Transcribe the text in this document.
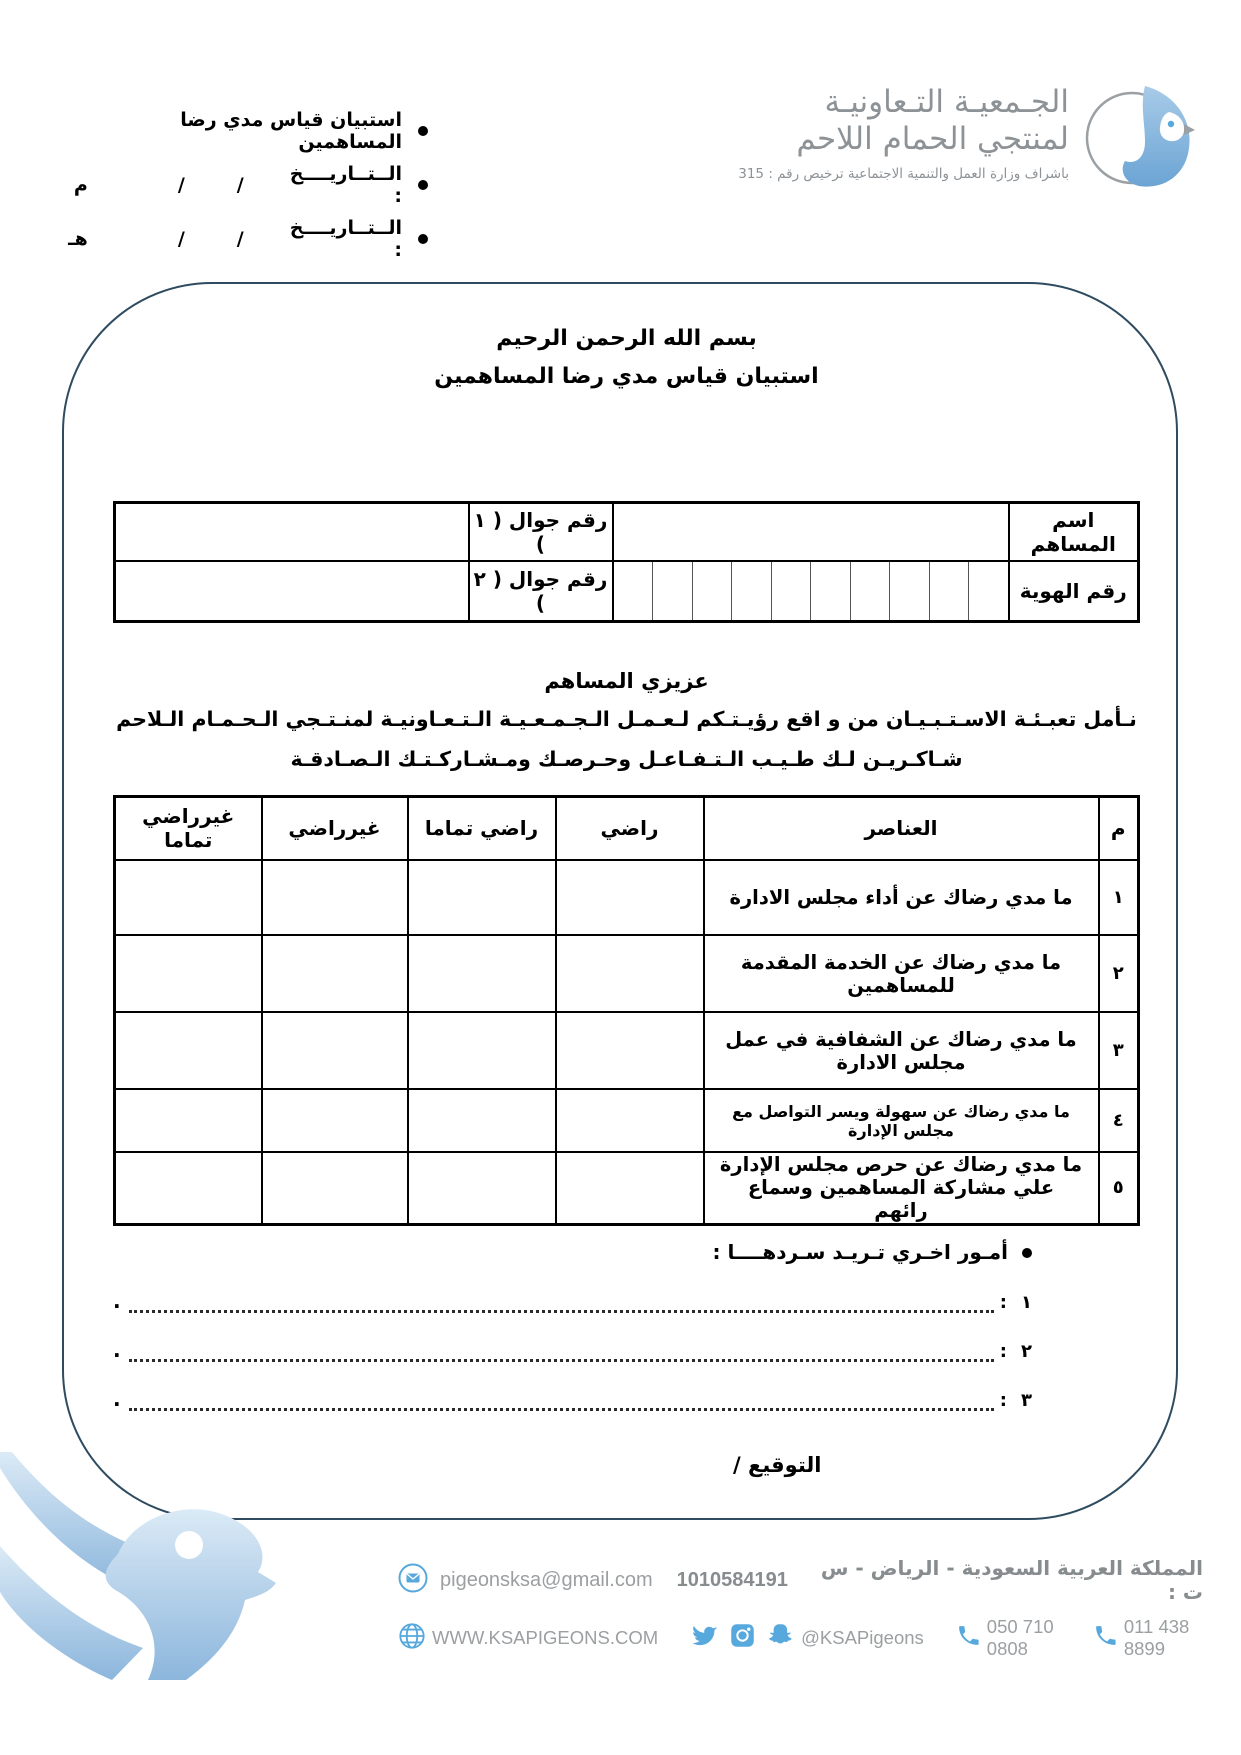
استبيان قياس مدي رضا المساهمين
الــتــاريــــخ :
/
/
م
الــتــاريــــخ :
/
/
هـ
الجـمعيـة التـعاونيـة
لمنتجي الحمام اللاحم
باشراف وزارة العمل والتنمية الاجتماعية ترخيص رقم : 315
بسم الله الرحمن الرحيم
استبيان قياس مدي رضا المساهمين
اسم المساهم		رقم جوال ( ١ )	
رقم الهوية		رقم جوال ( ٢ )	
عزيزي المساهم

نـأمل تعبـئـة الاسـتـبـيـان من و اقع رؤيـتـكم لـعـمـل الـجـمـعـيـة الـتـعـاونيـة لمنـتـجي الـحـمـام الـلاحم

شـاكـريـن لـك طـيـب الـتـفـاعـل وحـرصـك ومـشـاركـتـك الـصـادقـة

م	العناصر	راضي	راضي تماما	غيرراضي	غيرراضي تماما
١	ما مدي رضاك عن أداء مجلس الادارة				
٢	ما مدي رضاك عن الخدمة المقدمة للمساهمين				
٣	ما مدي رضاك عن الشفافية في عمل مجلس الادارة				
٤	ما مدي رضاك عن سهولة ويسر التواصل مع مجلس الإدارة				
٥	ما مدي رضاك عن حرص مجلس الإدارة علي مشاركة المساهمين وسماع رائهم				
أمـور اخـري تـريـد سـردهــــا :
١
:
.
٢
:
.
٣
:
.
التوقيع /
المملكة العربية السعودية - الرياض - س ت :
1010584191
pigeonsksa@gmail.com
WWW.KSAPIGEONS.COM	@KSAPigeons
050 710 0808
011 438 8899
